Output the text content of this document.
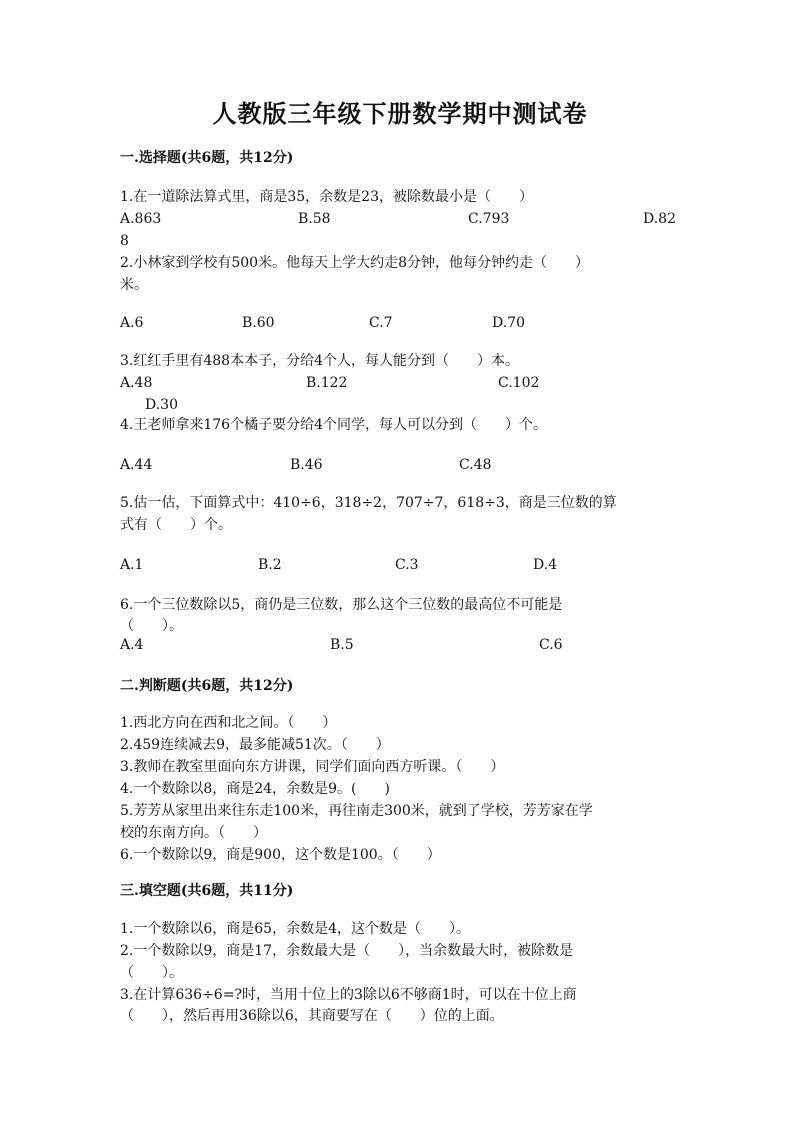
人教版三年级下册数学期中测试卷
一.选择题(共6题，共12分)
1.在一道除法算式里，商是35，余数是23，被除数最小是（　　）
A.863	B.58	C.793	D.82
8
2.小林家到学校有500米。他每天上学大约走8分钟，他每分钟约走（　　）
米。
A.6	B.60	C.7	D.70
3.红红手里有488本本子，分给4个人，每人能分到（　　）本。
A.48	B.122	C.102
D.30
4.王老师拿来176个橘子要分给4个同学，每人可以分到（　　）个。
A.44	B.46	C.48
5.估一估，下面算式中：410÷6，318÷2，707÷7，618÷3，商是三位数的算
式有（　　）个。
A.1	B.2	C.3	D.4
6.一个三位数除以5，商仍是三位数，那么这个三位数的最高位不可能是
（　　）。
A.4	B.5	C.6
二.判断题(共6题，共12分)
1.西北方向在西和北之间。（　　）
2.459连续减去9，最多能减51次。（　　）
3.教师在教室里面向东方讲课，同学们面向西方听课。（　　）
4.一个数除以8，商是24，余数是9。(　　)
5.芳芳从家里出来往东走100米，再往南走300米，就到了学校，芳芳家在学
校的东南方向。（　　）
6.一个数除以9，商是900，这个数是100。（　　）
三.填空题(共6题，共11分)
1.一个数除以6，商是65，余数是4，这个数是（　　）。
2.一个数除以9，商是17，余数最大是（　　），当余数最大时，被除数是
（　　）。
3.在计算636÷6=?时，当用十位上的3除以6不够商1时，可以在十位上商
（　　），然后再用36除以6，其商要写在（　　）位的上面。
